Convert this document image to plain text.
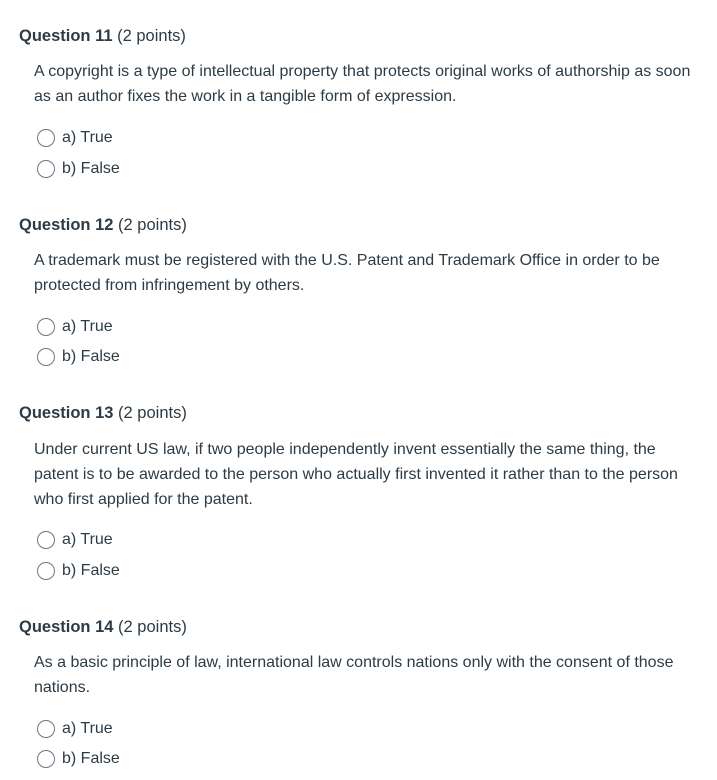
Question 11 (2 points)
A copyright is a type of intellectual property that protects original works of authorship as soon as an author fixes the work in a tangible form of expression.
a) True
b) False
Question 12 (2 points)
A trademark must be registered with the U.S. Patent and Trademark Office in order to be protected from infringement by others.
a) True
b) False
Question 13 (2 points)
Under current US law, if two people independently invent essentially the same thing, the patent is to be awarded to the person who actually first invented it rather than to the person who first applied for the patent.
a) True
b) False
Question 14 (2 points)
As a basic principle of law, international law controls nations only with the consent of those nations.
a) True
b) False
